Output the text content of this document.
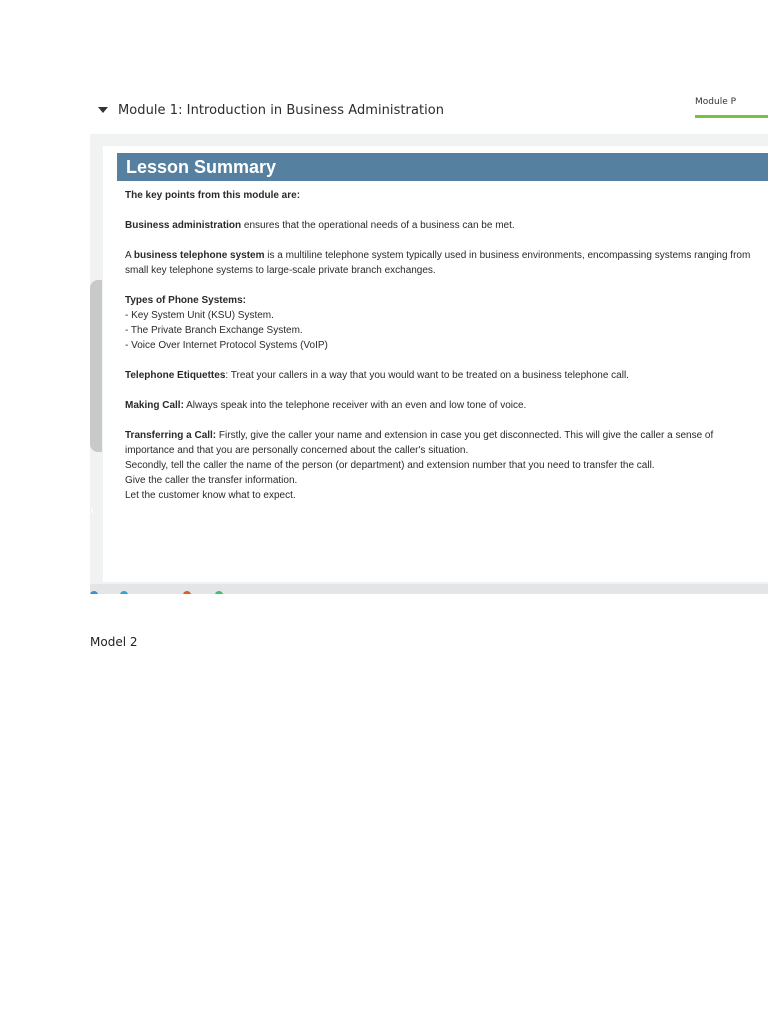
Module 1: Introduction in Business Administration
Module P
‹
Lesson Summary

The key points from this module are:

Business administration ensures that the operational needs of a business can be met.

A business telephone system is a multiline telephone system typically used in business environments, encompassing systems ranging from small key telephone systems to large-scale private branch exchanges.

Types of Phone Systems:
- Key System Unit (KSU) System.
- The Private Branch Exchange System.
- Voice Over Internet Protocol Systems (VoIP)

Telephone Etiquettes: Treat your callers in a way that you would want to be treated on a business telephone call.

Making Call: Always speak into the telephone receiver with an even and low tone of voice.

Transferring a Call: Firstly, give the caller your name and extension in case you get disconnected. This will give the caller a sense of importance and that you are personally concerned about the caller's situation.
Secondly, tell the caller the name of the person (or department) and extension number that you need to transfer the call.
Give the caller the transfer information.
Let the customer know what to expect.

Model 2
